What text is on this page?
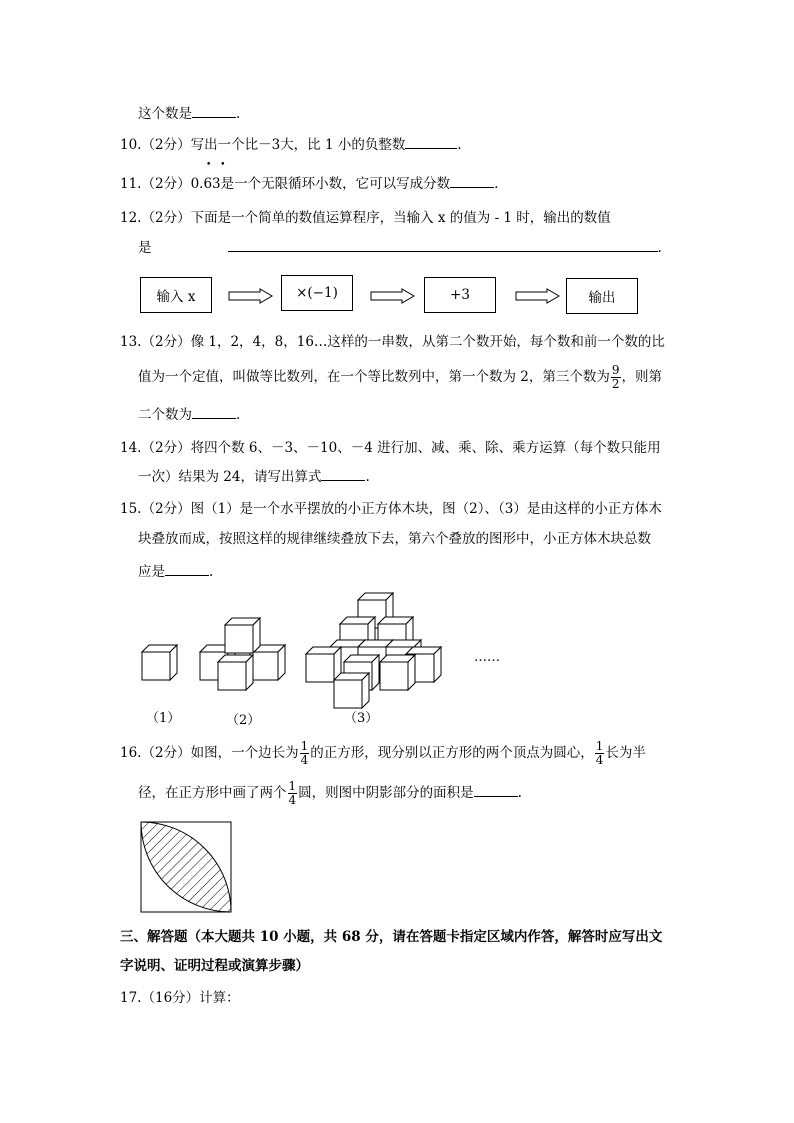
这个数是	.
10.（2分）写出一个比－3大，比 1 小的负整数	.
• •
11.（2分）0.63是一个无限循环小数，它可以写成分数	.
12.（2分）下面是一个简单的数值运算程序，当输入 x 的值为 - 1 时，输出的数值
是	.
输入 x	×(−1)	+3	输出
13.（2分）像 1，2，4，8，16…这样的一串数，从第二个数开始，每个数和前一个数的比
值为一个定值，叫做等比数列，在一个等比数列中，第一个数为 2，第三个数为 $\frac{9}{2}$ ，则第
二个数为	.
14.（2分）将四个数 6、－3、－10、－4 进行加、减、乘、除、乘方运算（每个数只能用
一次）结果为 24，请写出算式	.
15.（2分）图（1）是一个水平摆放的小正方体木块，图（2）、（3）是由这样的小正方体木
块叠放而成，按照这样的规律继续叠放下去，第六个叠放的图形中，小正方体木块总数
应是	.
……
（1）	（2）	（3）
16.（2分）如图，一个边长为 $\frac{1}{4}$ 的正方形，现分别以正方形的两个顶点为圆心， $\frac{1}{4}$ 长为半
径，在正方形中画了两个 $\frac{1}{4}$ 圆，则图中阴影部分的面积是	.
三、解答题（本大题共 10 小题，共 68 分，请在答题卡指定区域内作答，解答时应写出文
字说明、证明过程或演算步骤）
17.（16分）计算：
